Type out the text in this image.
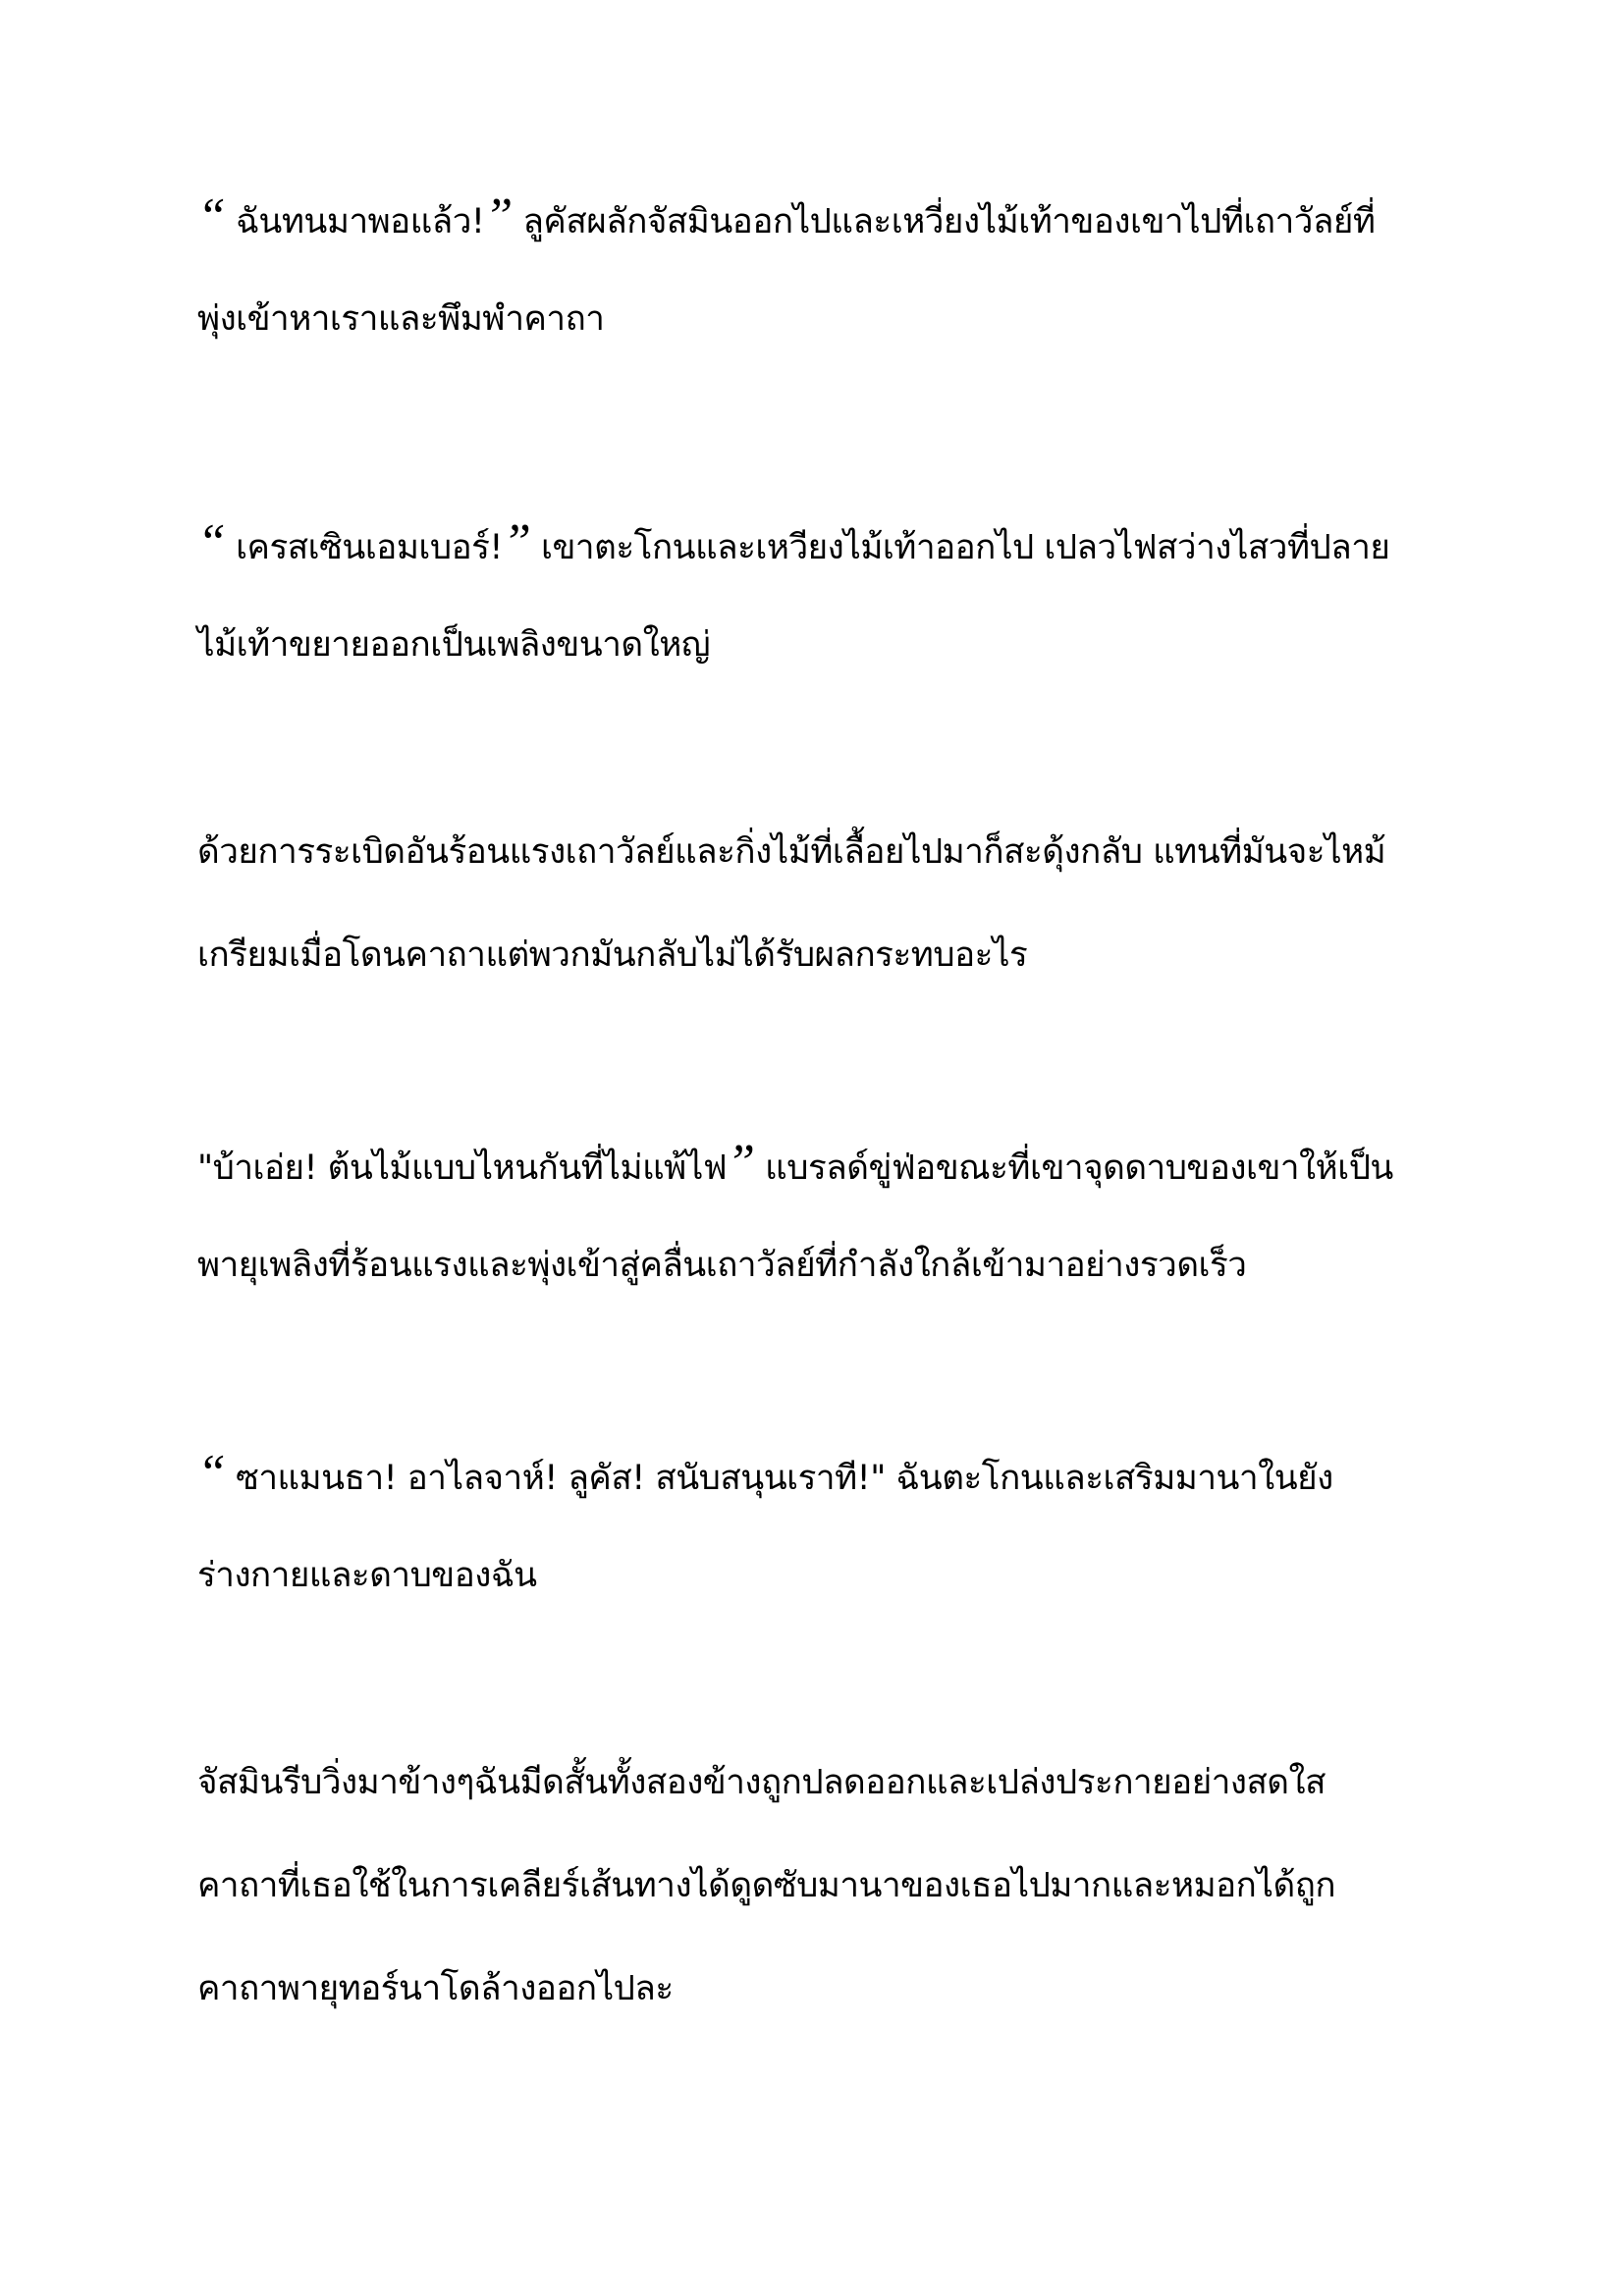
“ ฉนทนมาพอแลว!” ลคสผลกจสมนออกไปและเหวยงไมเทาของเขาไปทเถาวลยท
พุ่งเข้าหาเราและพึมพำคาถา
“ เครสเซนเอมเบอร!” เขาตะโกนและเหวยงไมเทาออกไป เปลวไฟสวางไสวทปลาย
ไม้เท้าขยายออกเป็นเพลิงขนาดใหญ่
ด้วยการระเบิดอันร้อนแรงเถาวัลย์และกิ่งไม้ที่เลื้อยไปมาก็สะดุ้งกลับ แทนที่มันจะไหม้
เกรียมเมื่อโดนคาถาแต่พวกมันกลับไม่ได้รับผลกระทบอะไร
"บาเอย! ตนไมแบบไหนกนทไมแพไฟ” แบรลดขฟอขณะทเขาจดดาบของเขาใหเปน
พายุเพลิงที่ร้อนแรงและพุ่งเข้าสู่คลื่นเถาวัลย์ที่กำลังใกล้เข้ามาอย่างรวดเร็ว
“ ซาแมนธา! อาไลจาห! ลคส! สนบสนนเราท!" ฉนตะโกนและเสรมมานาในยง
ร่างกายและดาบของฉัน
จัสมินรีบวิ่งมาข้างๆฉันมีดสั้นทั้งสองข้างถูกปลดออกและเปล่งประกายอย่างสดใส
คาถาที่เธอใช้ในการเคลียร์เส้นทางได้ดูดซับมานาของเธอไปมากและหมอกได้ถูก
คาถาพายุทอร์นาโดล้างออกไปละ
